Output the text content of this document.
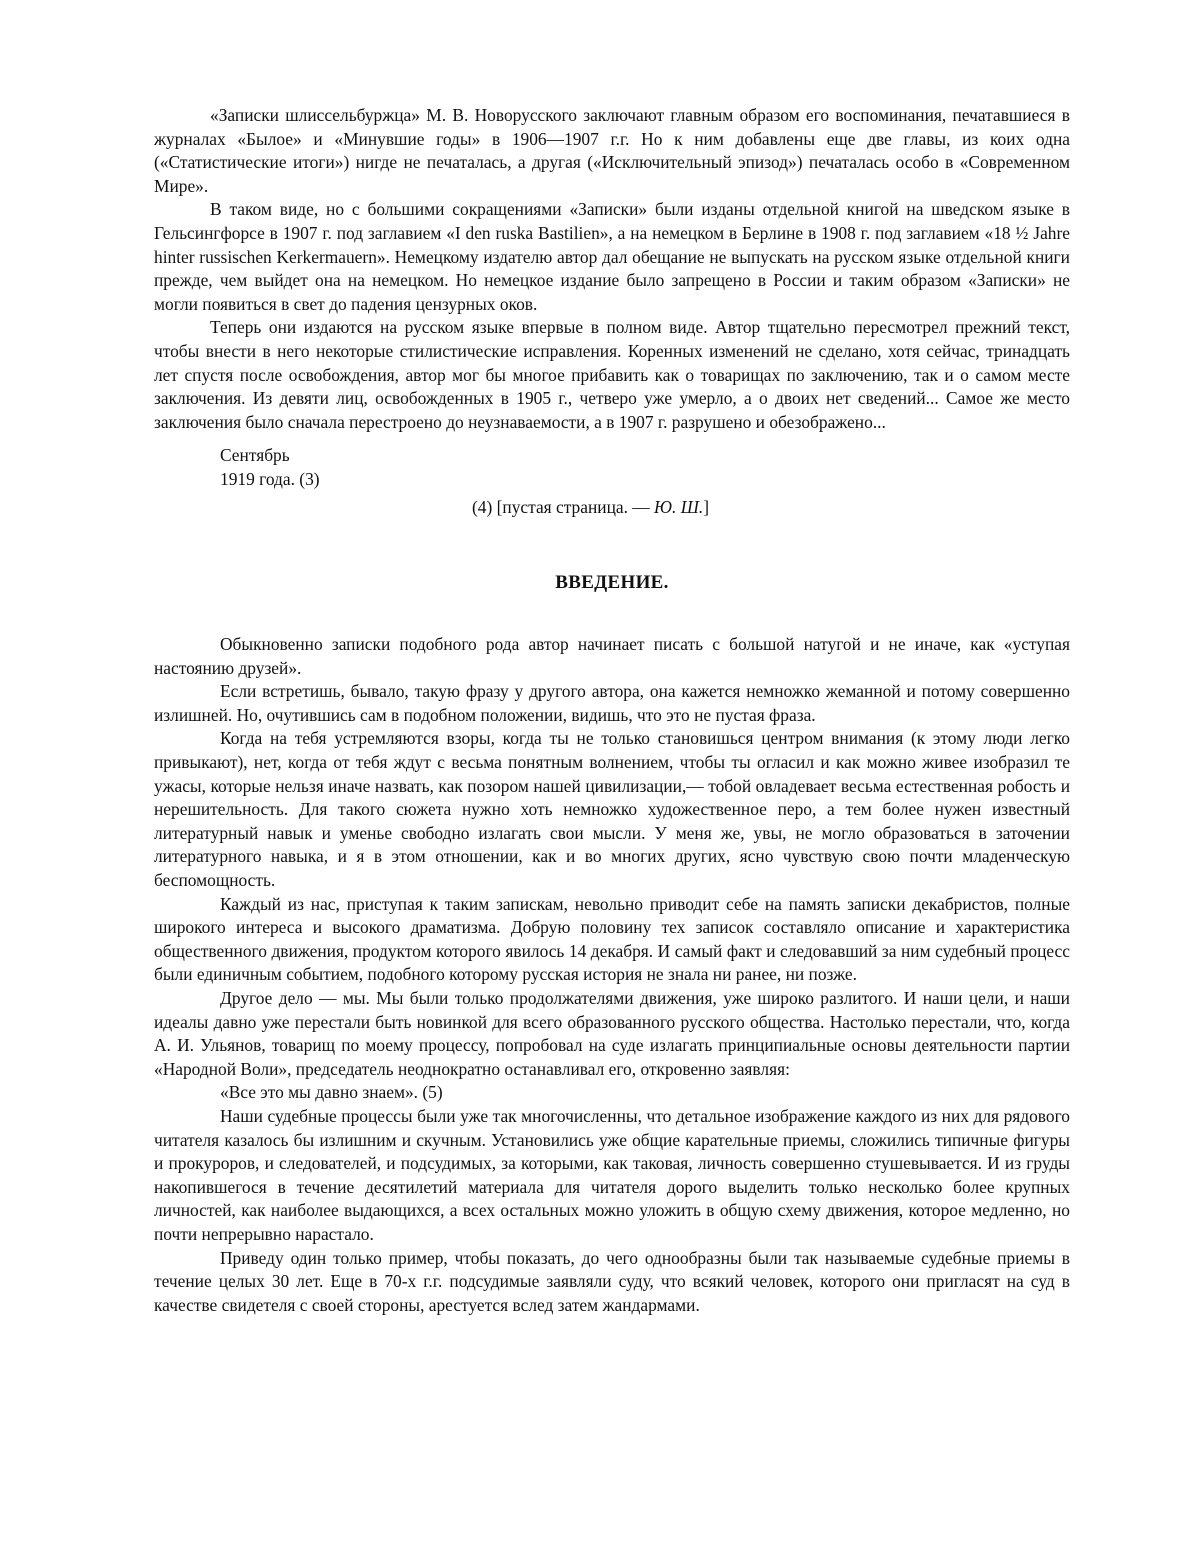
«Записки шлиссельбуржца» М. В. Новорусского заключают главным образом его воспоминания, печатавшиеся в журналах «Былое» и «Минувшие годы» в 1906—1907 г.г. Но к ним добавлены еще две главы, из коих одна («Статистические итоги») нигде не печаталась, а другая («Исключительный эпизод») печаталась особо в «Современном Мире».

В таком виде, но с большими сокращениями «Записки» были изданы отдельной книгой на шведском языке в Гельсингфорсе в 1907 г. под заглавием «I den ruska Bastilien», а на немецком в Берлине в 1908 г. под заглавием «18 ½ Jahre hinter russischen Kerkermauern». Немецкому издателю автор дал обещание не выпускать на русском языке отдельной книги прежде, чем выйдет она на немецком. Но немецкое издание было запрещено в России и таким образом «Записки» не могли появиться в свет до падения цензурных оков.

Теперь они издаются на русском языке впервые в полном виде. Автор тщательно пересмотрел прежний текст, чтобы внести в него некоторые стилистические исправления. Коренных изменений не сделано, хотя сейчас, тринадцать лет спустя после освобождения, автор мог бы многое прибавить как о товарищах по заключению, так и о самом месте заключения. Из девяти лиц, освобожденных в 1905 г., четверо уже умерло, а о двоих нет сведений... Самое же место заключения было сначала перестроено до неузнаваемости, а в 1907 г. разрушено и обезображено...

Сентябрь
1919 года. (3)
(4) [пустая страница. — Ю. Ш.]
ВВЕДЕНИЕ.

Обыкновенно записки подобного рода автор начинает писать с большой натугой и не иначе, как «уступая настоянию друзей».

Если встретишь, бывало, такую фразу у другого автора, она кажется немножко жеманной и потому совершенно излишней. Но, очутившись сам в подобном положении, видишь, что это не пустая фраза.

Когда на тебя устремляются взоры, когда ты не только становишься центром внимания (к этому люди легко привыкают), нет, когда от тебя ждут с весьма понятным волнением, чтобы ты огласил и как можно живее изобразил те ужасы, которые нельзя иначе назвать, как позором нашей цивилизации,— тобой овладевает весьма естественная робость и нерешительность. Для такого сюжета нужно хоть немножко художественное перо, а тем более нужен известный литературный навык и уменье свободно излагать свои мысли. У меня же, увы, не могло образоваться в заточении литературного навыка, и я в этом отношении, как и во многих других, ясно чувствую свою почти младенческую беспомощность.

Каждый из нас, приступая к таким запискам, невольно приводит себе на память записки декабристов, полные широкого интереса и высокого драматизма. Добрую половину тех записок составляло описание и характеристика общественного движения, продуктом которого явилось 14 декабря. И самый факт и следовавший за ним судебный процесс были единичным событием, подобного которому русская история не знала ни ранее, ни позже.

Другое дело — мы. Мы были только продолжателями движения, уже широко разлитого. И наши цели, и наши идеалы давно уже перестали быть новинкой для всего образованного русского общества. Настолько перестали, что, когда А. И. Ульянов, товарищ по моему процессу, попробовал на суде излагать принципиальные основы деятельности партии «Народной Воли», председатель неоднократно останавливал его, откровенно заявляя:

«Все это мы давно знаем». (5)

Наши судебные процессы были уже так многочисленны, что детальное изображение каждого из них для рядового читателя казалось бы излишним и скучным. Установились уже общие карательные приемы, сложились типичные фигуры и прокуроров, и следователей, и подсудимых, за которыми, как таковая, личность совершенно стушевывается. И из груды накопившегося в течение десятилетий материала для читателя дорого выделить только несколько более крупных личностей, как наиболее выдающихся, а всех остальных можно уложить в общую схему движения, которое медленно, но почти непрерывно нарастало.

Приведу один только пример, чтобы показать, до чего однообразны были так называемые судебные приемы в течение целых 30 лет. Еще в 70-х г.г. подсудимые заявляли суду, что всякий человек, которого они пригласят на суд в качестве свидетеля с своей стороны, арестуется вслед затем жандармами.
